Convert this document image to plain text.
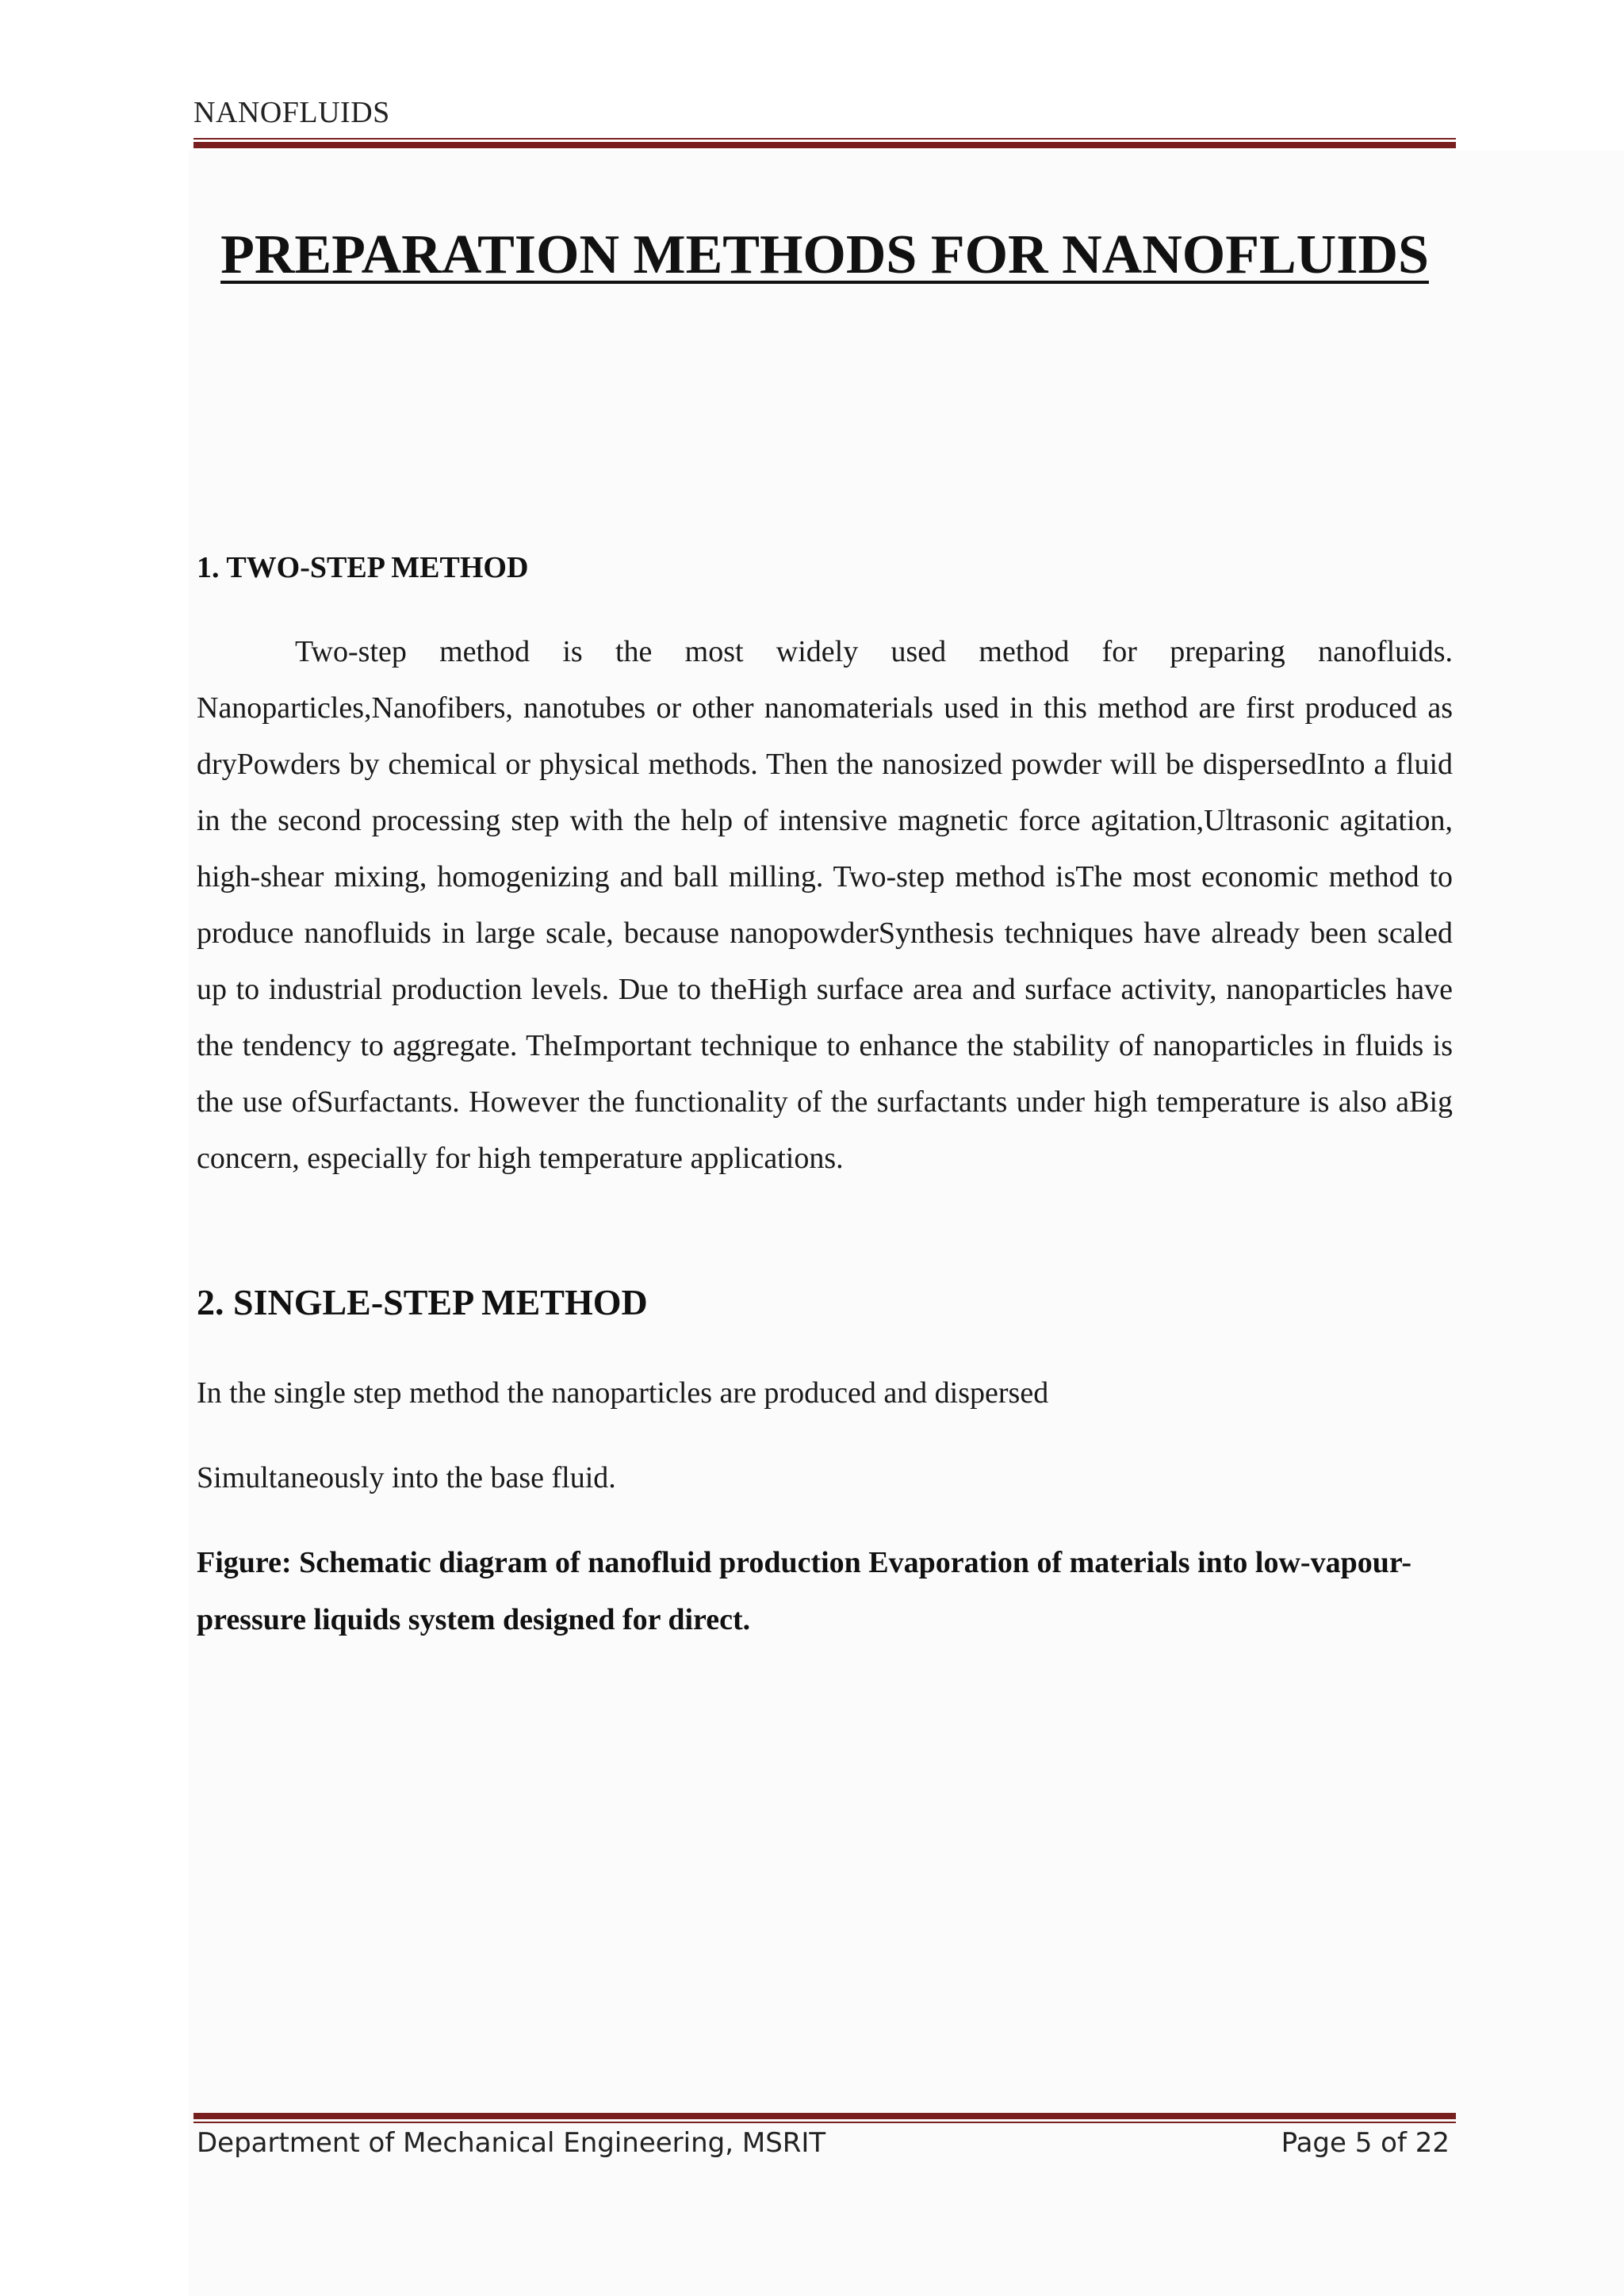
NANOFLUIDS
PREPARATION METHODS FOR NANOFLUIDS
1. TWO-STEP METHOD
Two-step method is the most widely used method for preparing nanofluids. Nanoparticles,Nanofibers, nanotubes or other nanomaterials used in this method are first produced as dryPowders by chemical or physical methods. Then the nanosized powder will be dispersedInto a fluid in the second processing step with the help of intensive magnetic force agitation,Ultrasonic agitation, high-shear mixing, homogenizing and ball milling. Two-step method isThe most economic method to produce nanofluids in large scale, because nanopowderSynthesis techniques have already been scaled up to industrial production levels. Due to theHigh surface area and surface activity, nanoparticles have the tendency to aggregate. TheImportant technique to enhance the stability of nanoparticles in fluids is the use ofSurfactants. However the functionality of the surfactants under high temperature is also aBig concern, especially for high temperature applications.
2. SINGLE-STEP METHOD
In the single step method the nanoparticles are produced and dispersed
Simultaneously into the base fluid.
Figure: Schematic diagram of nanofluid production Evaporation of materials into low-vapour-pressure liquids system designed for direct.
Department of Mechanical Engineering, MSRIT	Page 5 of 22
